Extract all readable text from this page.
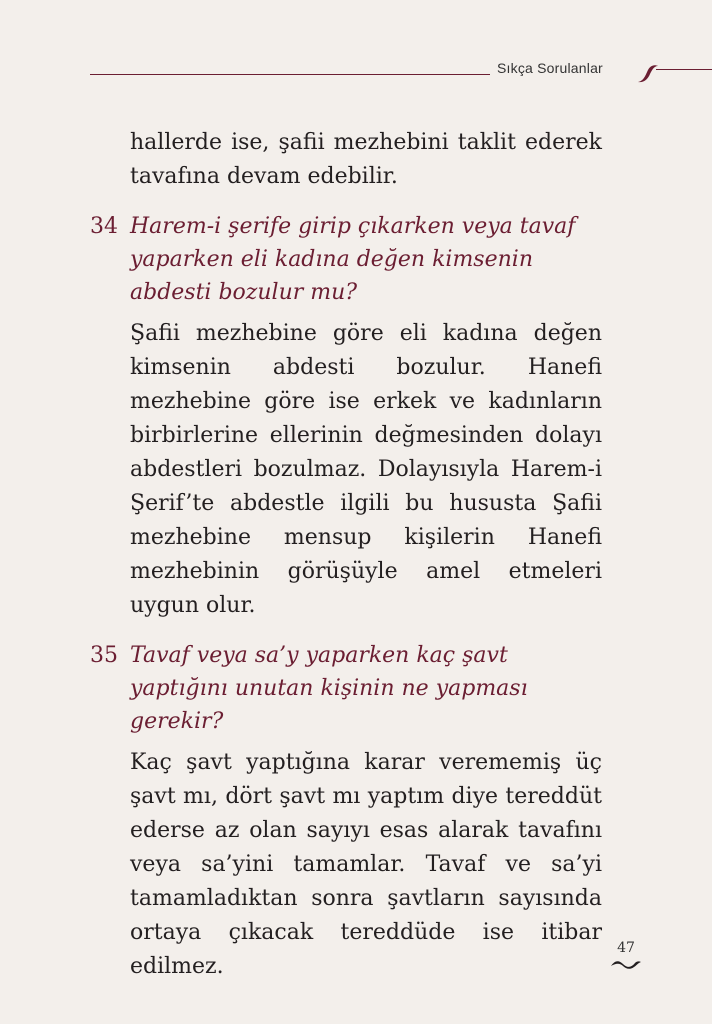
Sıkça Sorulanlar

hallerde ise, şafii mezhebini taklit ederek tavafına devam edebilir.

34 Harem-i şerife girip çıkarken veya tavaf yaparken eli kadına değen kimsenin abdesti bozulur mu?

Şafii mezhebine göre eli kadına değen kimsenin abdesti bozulur. Hanefi mezhebine göre ise erkek ve kadınların birbirlerine ellerinin değmesinden dolayı abdestleri bozulmaz. Dolayısıyla Harem-i Şerif’te abdestle ilgili bu hususta Şafii mezhebine mensup kişilerin Hanefi mezhebinin görüşüyle amel etmeleri uygun olur.

35 Tavaf veya sa’y yaparken kaç şavt yaptığını unutan kişinin ne yapması gerekir?

Kaç şavt yaptığına karar verememiş üç şavt mı, dört şavt mı yaptım diye tereddüt ederse az olan sayıyı esas alarak tavafını veya sa’yini tamamlar. Tavaf ve sa’yi tamamladıktan sonra şavtların sayısında ortaya çıkacak tereddüde ise itibar edilmez.

47
